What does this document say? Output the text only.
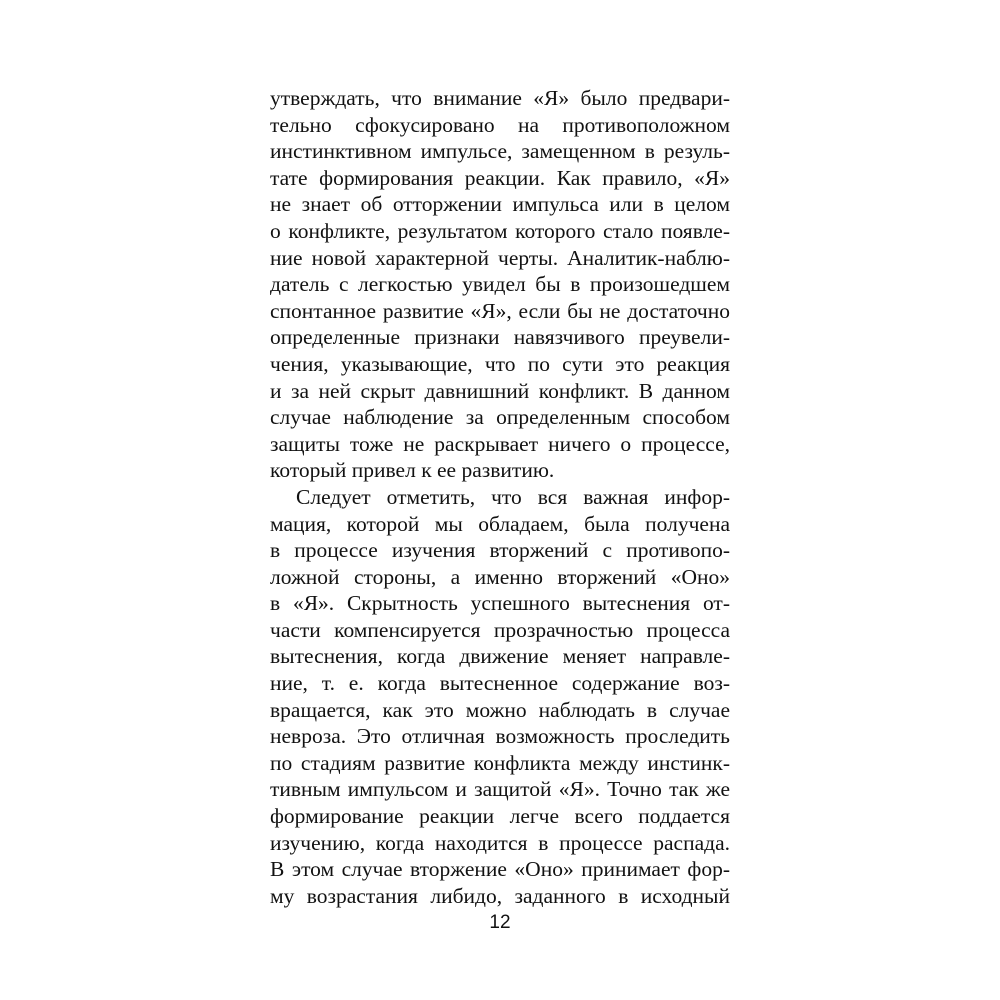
утверждать, что внимание «Я» было предвари-
тельно сфокусировано на противоположном
инстинктивном импульсе, замещенном в резуль-
тате формирования реакции. Как правило, «Я»
не знает об отторжении импульса или в целом
о конфликте, результатом которого стало появле-
ние новой характерной черты. Аналитик-наблю-
датель с легкостью увидел бы в произошедшем
спонтанное развитие «Я», если бы не достаточно
определенные признаки навязчивого преувели-
чения, указывающие, что по сути это реакция
и за ней скрыт давнишний конфликт. В данном
случае наблюдение за определенным способом
защиты тоже не раскрывает ничего о процессе,
который привел к ее развитию.
Следует отметить, что вся важная инфор-
мация, которой мы обладаем, была получена
в процессе изучения вторжений с противопо-
ложной стороны, а именно вторжений «Оно»
в «Я». Скрытность успешного вытеснения от-
части компенсируется прозрачностью процесса
вытеснения, когда движение меняет направле-
ние, т. е. когда вытесненное содержание воз-
вращается, как это можно наблюдать в случае
невроза. Это отличная возможность проследить
по стадиям развитие конфликта между инстинк-
тивным импульсом и защитой «Я». Точно так же
формирование реакции легче всего поддается
изучению, когда находится в процессе распада.
В этом случае вторжение «Оно» принимает фор-
му возрастания либидо, заданного в исходный
12
